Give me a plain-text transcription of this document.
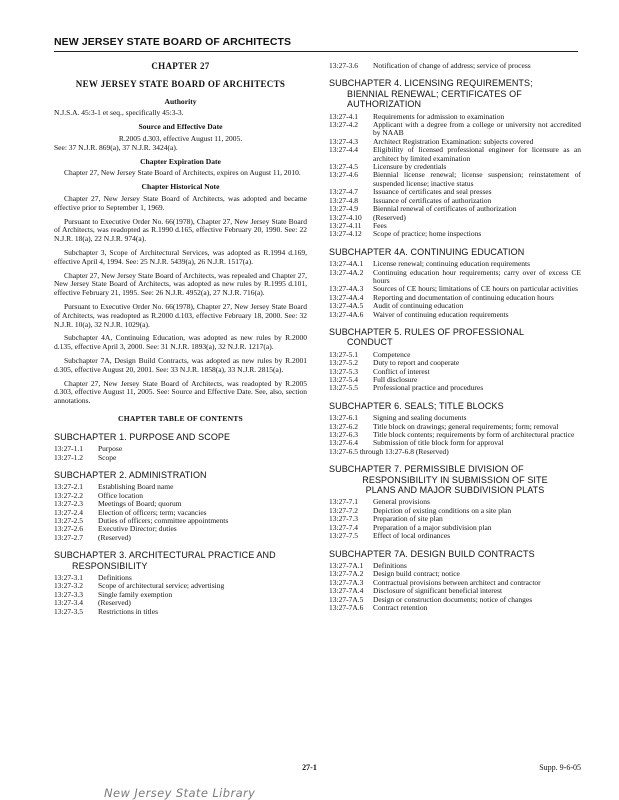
NEW JERSEY STATE BOARD OF ARCHITECTS
CHAPTER 27
NEW JERSEY STATE BOARD OF ARCHITECTS
Authority
N.J.S.A. 45:3-1 et seq., specifically 45:3-3.
Source and Effective Date
R.2005 d.303, effective August 11, 2005.
See: 37 N.J.R. 869(a), 37 N.J.R. 3424(a).
Chapter Expiration Date
Chapter 27, New Jersey State Board of Architects, expires on August 11, 2010.
Chapter Historical Note
Chapter 27, New Jersey State Board of Architects, was adopted and became effective prior to September 1, 1969.
Pursuant to Executive Order No. 66(1978), Chapter 27, New Jersey State Board of Architects, was readopted as R.1990 d.165, effective February 20, 1990. See: 22 N.J.R. 18(a), 22 N.J.R. 974(a).
Subchapter 3, Scope of Architectural Services, was adopted as R.1994 d.169, effective April 4, 1994. See: 25 N.J.R. 5439(a), 26 N.J.R. 1517(a).
Chapter 27, New Jersey State Board of Architects, was repealed and Chapter 27, New Jersey State Board of Architects, was adopted as new rules by R.1995 d.101, effective February 21, 1995. See: 26 N.J.R. 4952(a), 27 N.J.R. 716(a).
Pursuant to Executive Order No. 66(1978), Chapter 27, New Jersey State Board of Architects, was readopted as R.2000 d.103, effective February 18, 2000. See: 32 N.J.R. 10(a), 32 N.J.R. 1029(a).
Subchapter 4A, Continuing Education, was adopted as new rules by R.2000 d.135, effective April 3, 2000. See: 31 N.J.R. 1893(a), 32 N.J.R. 1217(a).
Subchapter 7A, Design Build Contracts, was adopted as new rules by R.2001 d.305, effective August 20, 2001. See: 33 N.J.R. 1858(a), 33 N.J.R. 2815(a).
Chapter 27, New Jersey State Board of Architects, was readopted by R.2005 d.303, effective August 11, 2005. See: Source and Effective Date. See, also, section annotations.
CHAPTER TABLE OF CONTENTS
SUBCHAPTER 1. PURPOSE AND SCOPE
13:27-1.1	Purpose
13:27-1.2	Scope
SUBCHAPTER 2. ADMINISTRATION
13:27-2.1	Establishing Board name
13:27-2.2	Office location
13:27-2.3	Meetings of Board; quorum
13:27-2.4	Election of officers; term; vacancies
13:27-2.5	Duties of officers; committee appointments
13:27-2.6	Executive Director; duties
13:27-2.7	(Reserved)
SUBCHAPTER 3. ARCHITECTURAL PRACTICE AND
RESPONSIBILITY
13:27-3.1	Definitions
13:27-3.2	Scope of architectural service; advertising
13:27-3.3	Single family exemption
13:27-3.4	(Reserved)
13:27-3.5	Restrictions in titles
13:27-3.6	Notification of change of address; service of process
SUBCHAPTER 4. LICENSING REQUIREMENTS;
BIENNIAL RENEWAL; CERTIFICATES OF
AUTHORIZATION
13:27-4.1	Requirements for admission to examination
13:27-4.2	Applicant with a degree from a college or university not accredited by NAAB
13:27-4.3	Architect Registration Examination: subjects covered
13:27-4.4	Eligibility of licensed professional engineer for licensure as an architect by limited examination
13:27-4.5	Licensure by credentials
13:27-4.6	Biennial license renewal; license suspension; reinstatement of suspended license; inactive status
13:27-4.7	Issuance of certificates and seal presses
13:27-4.8	Issuance of certificates of authorization
13:27-4.9	Biennial renewal of certificates of authorization
13:27-4.10	(Reserved)
13:27-4.11	Fees
13:27-4.12	Scope of practice; home inspections
SUBCHAPTER 4A. CONTINUING EDUCATION
13:27-4A.1	License renewal; continuing education requirements
13:27-4A.2	Continuing education hour requirements; carry over of excess CE hours
13:27-4A.3	Sources of CE hours; limitations of CE hours on particular activities
13:27-4A.4	Reporting and documentation of continuing education hours
13:27-4A.5	Audit of continuing education
13:27-4A.6	Waiver of continuing education requirements
SUBCHAPTER 5. RULES OF PROFESSIONAL
CONDUCT
13:27-5.1	Competence
13:27-5.2	Duty to report and cooperate
13:27-5.3	Conflict of interest
13:27-5.4	Full disclosure
13:27-5.5	Professional practice and procedures
SUBCHAPTER 6. SEALS; TITLE BLOCKS
13:27-6.1	Signing and sealing documents
13:27-6.2	Title block on drawings; general requirements; form; removal
13:27-6.3	Title block contents; requirements by form of architectural practice
13:27-6.4	Submission of title block form for approval
13:27-6.5 through 13:27-6.8 (Reserved)
SUBCHAPTER 7. PERMISSIBLE DIVISION OF
RESPONSIBILITY IN SUBMISSION OF SITE
PLANS AND MAJOR SUBDIVISION PLATS
13:27-7.1	General provisions
13:27-7.2	Depiction of existing conditions on a site plan
13:27-7.3	Preparation of site plan
13:27-7.4	Preparation of a major subdivision plan
13:27-7.5	Effect of local ordinances
SUBCHAPTER 7A. DESIGN BUILD CONTRACTS
13:27-7A.1	Definitions
13:27-7A.2	Design build contract; notice
13:27-7A.3	Contractual provisions between architect and contractor
13:27-7A.4	Disclosure of significant beneficial interest
13:27-7A.5	Design or construction documents; notice of changes
13:27-7A.6	Contract retention
27-1	Supp. 9-6-05
New Jersey State Library
